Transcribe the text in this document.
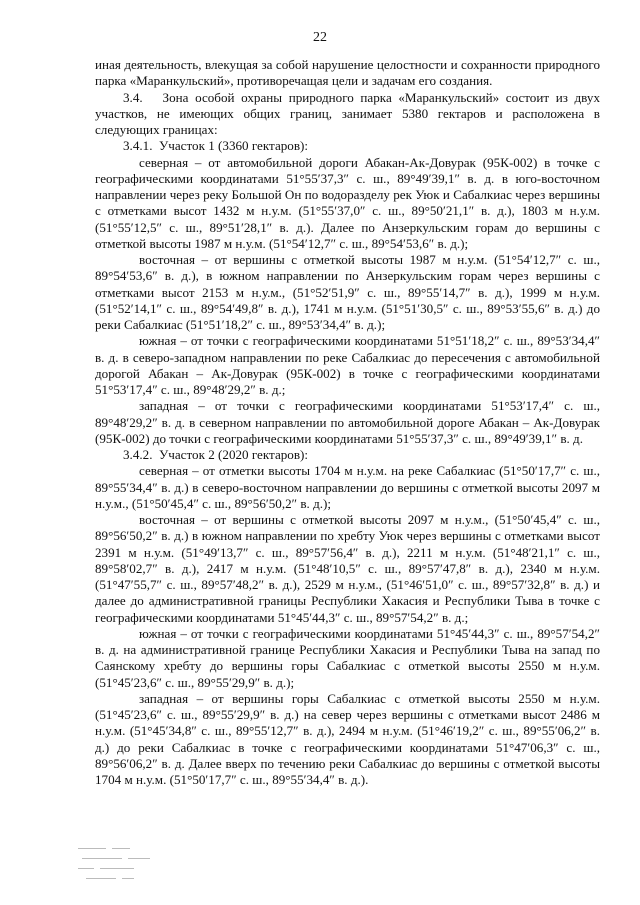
22

иная деятельность, влекущая за собой нарушение целостности и сохранности природного парка «Маранкульский», противоречащая цели и задачам его создания.

3.4.   Зона особой охраны природного парка «Маранкульский» состоит из двух участков, не имеющих общих границ, занимает 5380 гектаров и расположена в следующих границах:

3.4.1.  Участок 1 (3360 гектаров):

северная – от автомобильной дороги Абакан-Ак-Довурак (95К-002) в точке с географическими координатами 51°55′37,3″ с. ш., 89°49′39,1″ в. д. в юго-восточном направлении через реку Большой Он по водоразделу рек Уюк и Сабалкиас через вершины с отметками высот 1432 м н.у.м. (51°55′37,0″ с. ш., 89°50′21,1″ в. д.), 1803 м н.у.м. (51°55′12,5″ с. ш., 89°51′28,1″ в. д.). Далее по Анзеркульским горам до вершины с отметкой высоты 1987 м н.у.м. (51°54′12,7″ с. ш., 89°54′53,6″ в. д.);

восточная – от вершины с отметкой высоты 1987 м н.у.м. (51°54′12,7″ с. ш., 89°54′53,6″ в. д.), в южном направлении по Анзеркульским горам через вершины с отметками высот 2153 м н.у.м., (51°52′51,9″ с. ш., 89°55′14,7″ в. д.), 1999 м н.у.м. (51°52′14,1″ с. ш., 89°54′49,8″ в. д.), 1741 м н.у.м. (51°51′30,5″ с. ш., 89°53′55,6″ в. д.) до реки Сабалкиас (51°51′18,2″ с. ш., 89°53′34,4″ в. д.);

южная – от точки с географическими координатами 51°51′18,2″ с. ш., 89°53′34,4″ в. д. в северо-западном направлении по реке Сабалкиас до пересечения с автомобильной дорогой Абакан – Ак-Довурак (95К-002) в точке с географическими координатами 51°53′17,4″ с. ш., 89°48′29,2″ в. д.;

западная – от точки с географическими координатами 51°53′17,4″ с. ш., 89°48′29,2″ в. д. в северном направлении по автомобильной дороге Абакан – Ак-Довурак (95К-002) до точки с географическими координатами 51°55′37,3″ с. ш., 89°49′39,1″ в. д.

3.4.2.  Участок 2 (2020 гектаров):

северная – от отметки высоты 1704 м н.у.м. на реке Сабалкиас (51°50′17,7″ с. ш., 89°55′34,4″ в. д.) в северо-восточном направлении до вершины с отметкой высоты 2097 м н.у.м., (51°50′45,4″ с. ш., 89°56′50,2″ в. д.);

восточная – от вершины с отметкой высоты 2097 м н.у.м., (51°50′45,4″ с. ш., 89°56′50,2″ в. д.) в южном направлении по хребту Уюк через вершины с отметками высот 2391 м н.у.м. (51°49′13,7″ с. ш., 89°57′56,4″ в. д.), 2211 м н.у.м. (51°48′21,1″ с. ш., 89°58′02,7″ в. д.), 2417 м н.у.м. (51°48′10,5″ с. ш., 89°57′47,8″ в. д.), 2340 м н.у.м. (51°47′55,7″ с. ш., 89°57′48,2″ в. д.), 2529 м н.у.м., (51°46′51,0″ с. ш., 89°57′32,8″ в. д.) и далее до административной границы Республики Хакасия и Республики Тыва в точке с географическими координатами 51°45′44,3″ с. ш., 89°57′54,2″ в. д.;

южная – от точки с географическими координатами 51°45′44,3″ с. ш., 89°57′54,2″ в. д. на административной границе Республики Хакасия и Республики Тыва на запад по Саянскому хребту до вершины горы Сабалкиас с отметкой высоты 2550 м н.у.м. (51°45′23,6″ с. ш., 89°55′29,9″ в. д.);

западная – от вершины горы Сабалкиас с отметкой высоты 2550 м н.у.м. (51°45′23,6″ с. ш., 89°55′29,9″ в. д.) на север через вершины с отметками высот 2486 м н.у.м. (51°45′34,8″ с. ш., 89°55′12,7″ в. д.), 2494 м н.у.м. (51°46′19,2″ с. ш., 89°55′06,2″ в. д.) до реки Сабалкиас в точке с географическими координатами 51°47′06,3″ с. ш., 89°56′06,2″ в. д. Далее вверх по течению реки Сабалкиас до вершины с отметкой высоты 1704 м н.у.м. (51°50′17,7″ с. ш., 89°55′34,4″ в. д.).
